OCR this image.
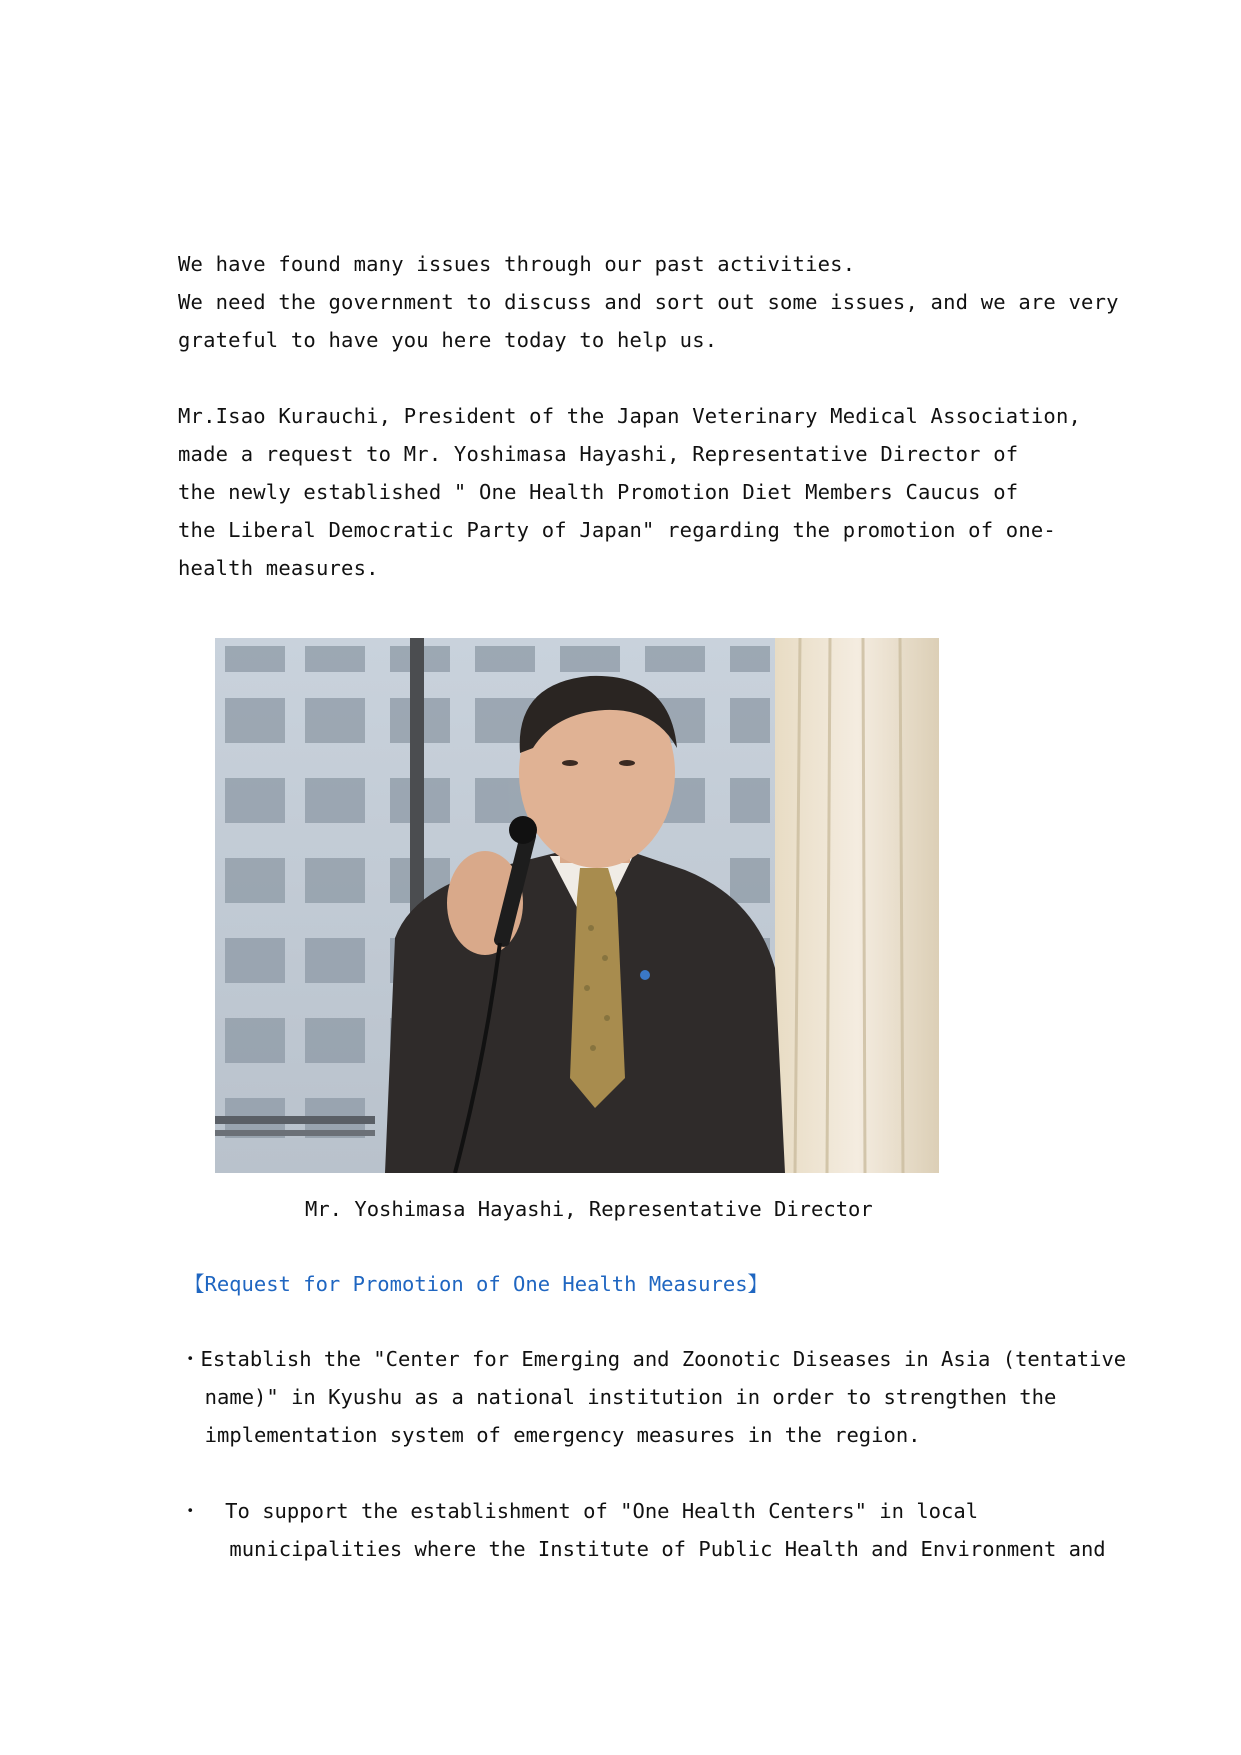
We have found many issues through our past activities.
We need the government to discuss and sort out some issues, and we are very
grateful to have you here today to help us.
Mr.Isao Kurauchi, President of the Japan Veterinary Medical Association,
made a request to Mr. Yoshimasa Hayashi, Representative Director of
the newly established " One Health Promotion Diet Members Caucus of
the Liberal Democratic Party of Japan" regarding the promotion of one-
health measures.
Mr. Yoshimasa Hayashi, Representative Director
【Request for Promotion of One Health Measures】
・Establish the "Center for Emerging and Zoonotic Diseases in Asia (tentative
name)" in Kyushu as a national institution in order to strengthen the
implementation system of emergency measures in the region.
・  To support the establishment of "One Health Centers" in local
municipalities where the Institute of Public Health and Environment and
